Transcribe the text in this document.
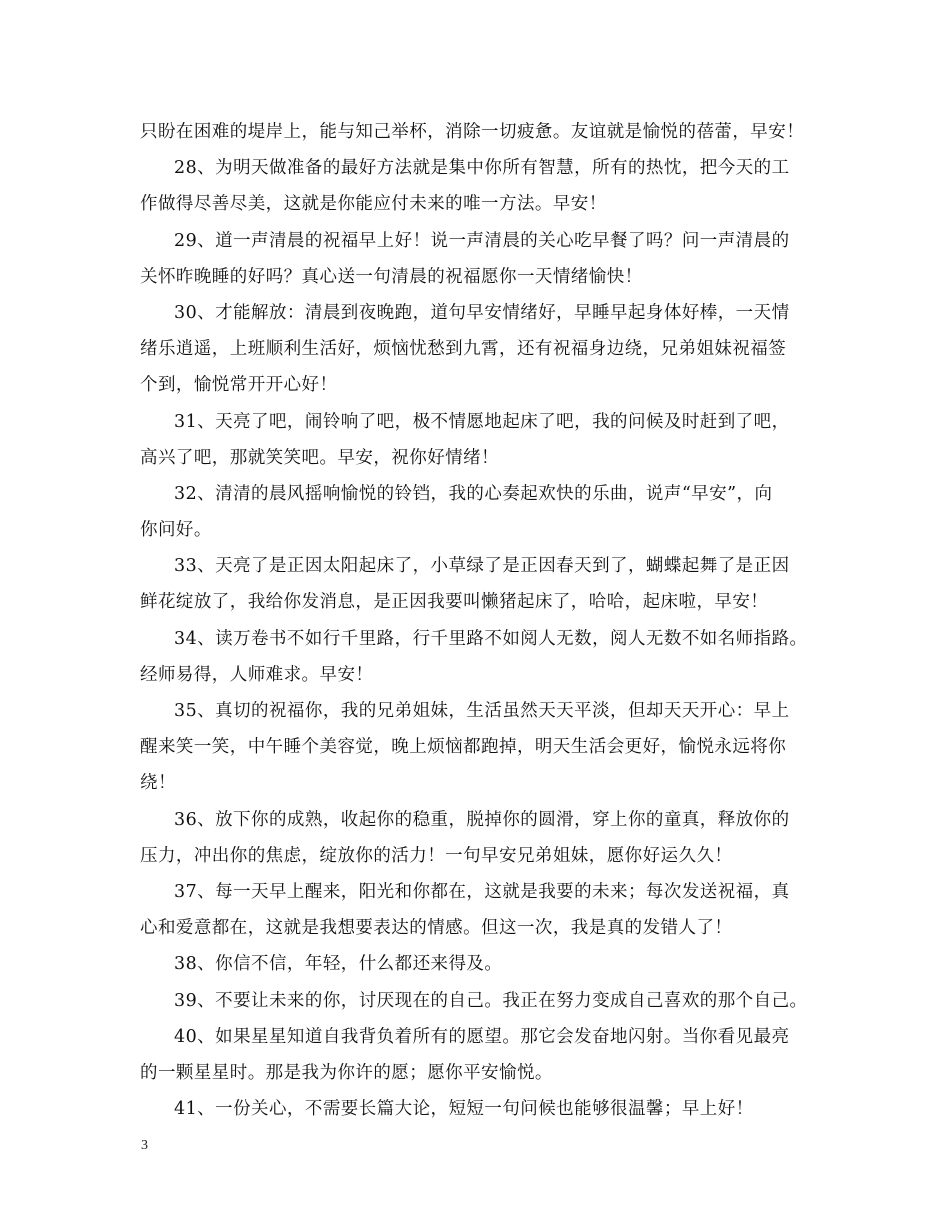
只盼在困难的堤岸上，能与知己举杯，消除一切疲惫。友谊就是愉悦的蓓蕾，早安！
28、为明天做准备的最好方法就是集中你所有智慧，所有的热忱，把今天的工
作做得尽善尽美，这就是你能应付未来的唯一方法。早安！
29、道一声清晨的祝福早上好！说一声清晨的关心吃早餐了吗？问一声清晨的
关怀昨晚睡的好吗？真心送一句清晨的祝福愿你一天情绪愉快！
30、才能解放：清晨到夜晚跑，道句早安情绪好，早睡早起身体好棒，一天情
绪乐逍遥，上班顺利生活好，烦恼忧愁到九霄，还有祝福身边绕，兄弟姐妹祝福签
个到，愉悦常开开心好！
31、天亮了吧，闹铃响了吧，极不情愿地起床了吧，我的问候及时赶到了吧，
高兴了吧，那就笑笑吧。早安，祝你好情绪！
32、清清的晨风摇响愉悦的铃铛，我的心奏起欢快的乐曲，说声“早安”，向
你问好。
33、天亮了是正因太阳起床了，小草绿了是正因春天到了，蝴蝶起舞了是正因
鲜花绽放了，我给你发消息，是正因我要叫懒猪起床了，哈哈，起床啦，早安！
34、读万卷书不如行千里路，行千里路不如阅人无数，阅人无数不如名师指路。
经师易得，人师难求。早安！
35、真切的祝福你，我的兄弟姐妹，生活虽然天天平淡，但却天天开心：早上
醒来笑一笑，中午睡个美容觉，晚上烦恼都跑掉，明天生活会更好，愉悦永远将你
绕！
36、放下你的成熟，收起你的稳重，脱掉你的圆滑，穿上你的童真，释放你的
压力，冲出你的焦虑，绽放你的活力！一句早安兄弟姐妹，愿你好运久久！
37、每一天早上醒来，阳光和你都在，这就是我要的未来；每次发送祝福，真
心和爱意都在，这就是我想要表达的情感。但这一次，我是真的发错人了！
38、你信不信，年轻，什么都还来得及。
39、不要让未来的你，讨厌现在的自己。我正在努力变成自己喜欢的那个自己。
40、如果星星知道自我背负着所有的愿望。那它会发奋地闪射。当你看见最亮
的一颗星星时。那是我为你许的愿；愿你平安愉悦。
41、一份关心，不需要长篇大论，短短一句问候也能够很温馨；早上好！
3
